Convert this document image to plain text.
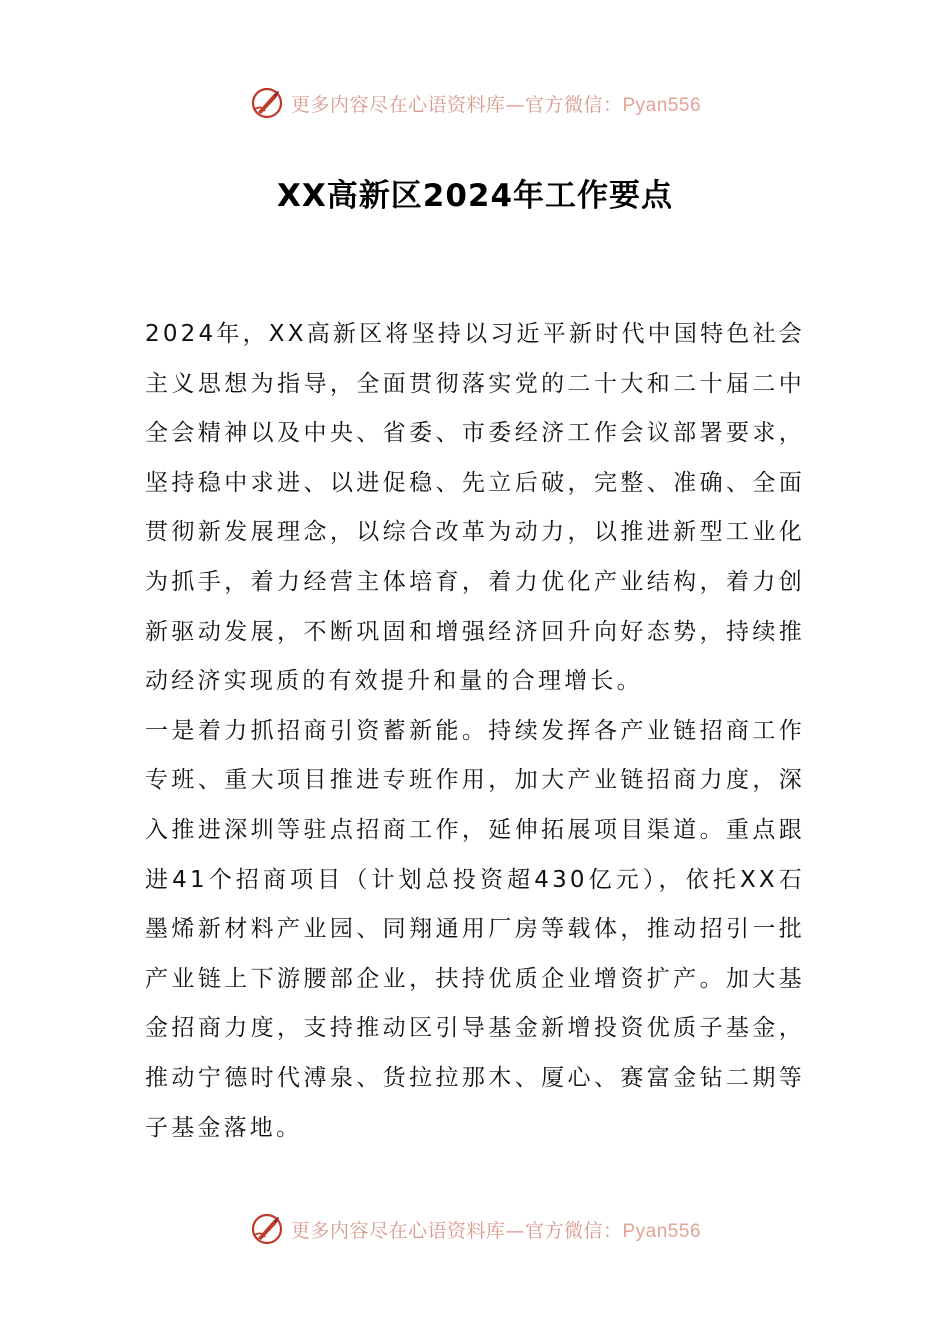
更多内容尽在心语资料库—官方微信：Pyan556
XX高新区2024年工作要点

2024年，XX高新区将坚持以习近平新时代中国特色社会主义思想为指导，全面贯彻落实党的二十大和二十届二中全会精神以及中央、省委、市委经济工作会议部署要求，坚持稳中求进、以进促稳、先立后破，完整、准确、全面贯彻新发展理念，以综合改革为动力，以推进新型工业化为抓手，着力经营主体培育，着力优化产业结构，着力创新驱动发展，不断巩固和增强经济回升向好态势，持续推动经济实现质的有效提升和量的合理增长。

一是着力抓招商引资蓄新能。持续发挥各产业链招商工作专班、重大项目推进专班作用，加大产业链招商力度，深入推进深圳等驻点招商工作，延伸拓展项目渠道。重点跟进41个招商项目（计划总投资超430亿元），依托XX石墨烯新材料产业园、同翔通用厂房等载体，推动招引一批产业链上下游腰部企业，扶持优质企业增资扩产。加大基金招商力度，支持推动区引导基金新增投资优质子基金，推动宁德时代溥泉、货拉拉那木、厦心、赛富金钻二期等子基金落地。

更多内容尽在心语资料库—官方微信：Pyan556
